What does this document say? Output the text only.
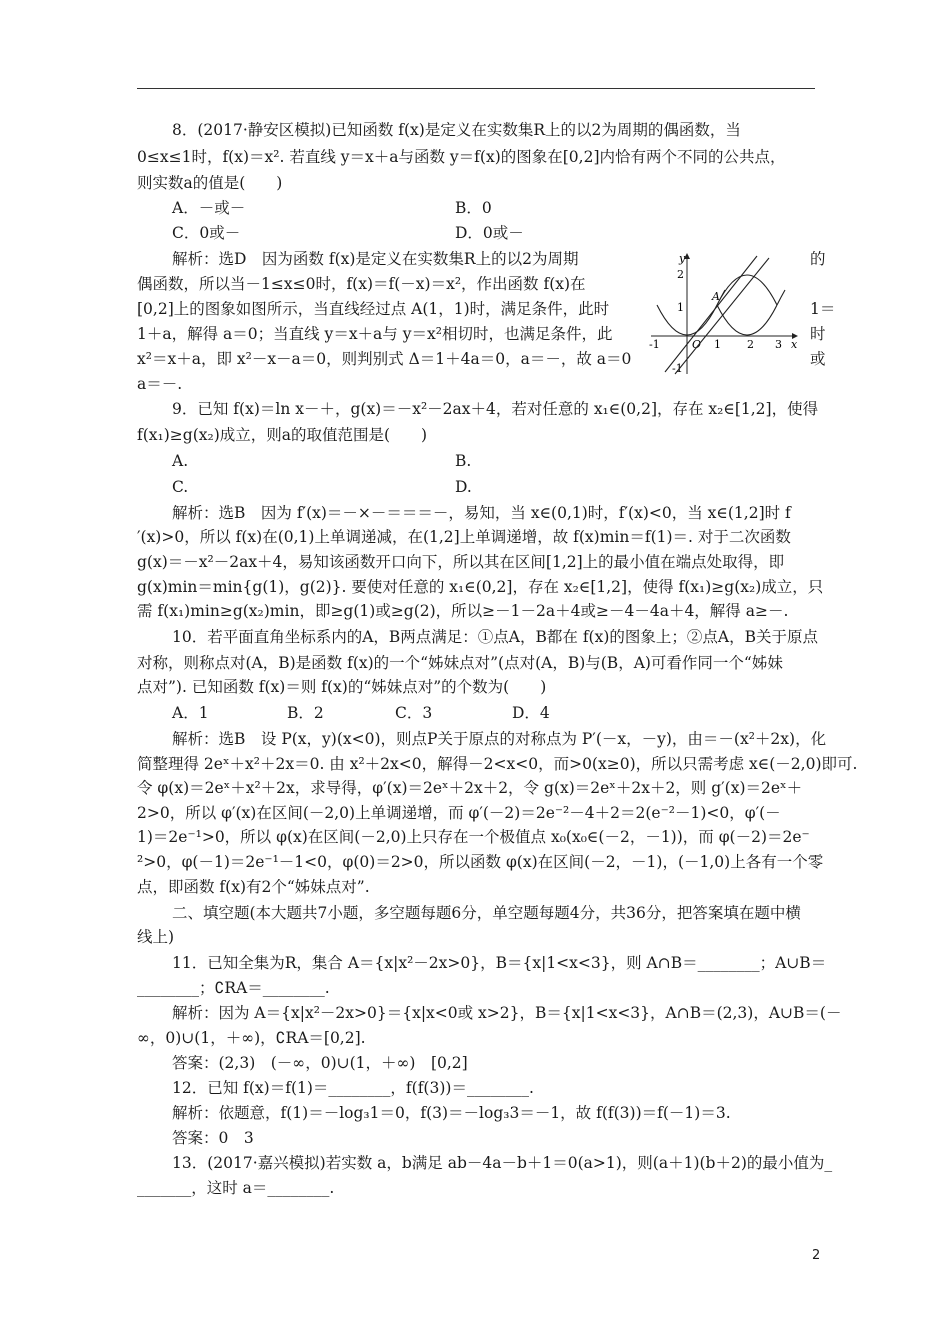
8．(2017·静安区模拟)已知函数 f(x)是定义在实数集R上的以2为周期的偶函数，当
0≤x≤1时，f(x)＝x². 若直线 y＝x＋a与函数 y＝f(x)的图象在[0,2]内恰有两个不同的公共点，
则实数a的值是(　　)
A．－或－	B．0
C．0或－	D．0或－
解析：选D　因为函数 f(x)是定义在实数集R上的以2为周期
偶函数，所以当－1≤x≤0时，f(x)＝f(－x)＝x²，作出函数 f(x)在
[0,2]上的图象如图所示，当直线经过点 A(1，1)时，满足条件，此时
1＋a，解得 a＝0；当直线 y＝x＋a与 y＝x²相切时，也满足条件，此
x²＝x＋a，即 x²－x－a＝0，则判别式 Δ＝1＋4a＝0，a＝－，故 a＝0
a＝－.
的
1＝
时
或
y
x
2
1
-1
-1	O 1 2 3
A
9．已知 f(x)＝ln x－＋，g(x)＝－x²－2ax＋4，若对任意的 x₁∈(0,2]，存在 x₂∈[1,2]，使得
f(x₁)≥g(x₂)成立，则a的取值范围是(　　)
A.	B.
C.	D.
解析：选B　因为 f′(x)＝－×－＝＝＝－，易知，当 x∈(0,1)时，f′(x)<0，当 x∈(1,2]时 f
′(x)>0，所以 f(x)在(0,1)上单调递减，在(1,2]上单调递增，故 f(x)min＝f(1)＝. 对于二次函数
g(x)＝－x²－2ax＋4，易知该函数开口向下，所以其在区间[1,2]上的最小值在端点处取得，即
g(x)min＝min{g(1)，g(2)}. 要使对任意的 x₁∈(0,2]，存在 x₂∈[1,2]，使得 f(x₁)≥g(x₂)成立，只
需 f(x₁)min≥g(x₂)min，即≥g(1)或≥g(2)，所以≥－1－2a＋4或≥－4－4a＋4，解得 a≥－.
10．若平面直角坐标系内的A，B两点满足：①点A，B都在 f(x)的图象上；②点A，B关于原点
对称，则称点对(A，B)是函数 f(x)的一个“姊妹点对”(点对(A，B)与(B，A)可看作同一个“姊妹
点对”). 已知函数 f(x)＝则 f(x)的“姊妹点对”的个数为(　　)
A．1	B．2	C．3	D．4
解析：选B　设 P(x，y)(x<0)，则点P关于原点的对称点为 P′(－x，－y)，由＝－(x²＋2x)，化
简整理得 2eˣ＋x²＋2x＝0. 由 x²＋2x<0，解得－2<x<0，而>0(x≥0)，所以只需考虑 x∈(－2,0)即可.
令 φ(x)＝2eˣ＋x²＋2x，求导得，φ′(x)＝2eˣ＋2x＋2，令 g(x)＝2eˣ＋2x＋2，则 g′(x)＝2eˣ＋
2>0，所以 φ′(x)在区间(－2,0)上单调递增，而 φ′(－2)＝2e⁻²－4＋2＝2(e⁻²－1)<0，φ′(－
1)＝2e⁻¹>0，所以 φ(x)在区间(－2,0)上只存在一个极值点 x₀(x₀∈(－2，－1))，而 φ(－2)＝2e⁻
²>0，φ(－1)＝2e⁻¹－1<0，φ(0)＝2>0，所以函数 φ(x)在区间(－2，－1)，(－1,0)上各有一个零
点，即函数 f(x)有2个“姊妹点对”.
二、填空题(本大题共7小题，多空题每题6分，单空题每题4分，共36分，把答案填在题中横
线上)
11．已知全集为R，集合 A＝{x|x²－2x>0}，B＝{x|1<x<3}，则 A∩B＝________；A∪B＝
________；∁RA＝________.
解析：因为 A＝{x|x²－2x>0}＝{x|x<0或 x>2}，B＝{x|1<x<3}，A∩B＝(2,3)，A∪B＝(－
∞，0)∪(1，＋∞)，∁RA＝[0,2].
答案：(2,3)　(－∞，0)∪(1，＋∞)　[0,2]
12．已知 f(x)＝f(1)＝________，f(f(3))＝________.
解析：依题意，f(1)＝－log₃1＝0，f(3)＝－log₃3＝－1，故 f(f(3))＝f(－1)＝3.
答案：0　3
13．(2017·嘉兴模拟)若实数 a，b满足 ab－4a－b＋1＝0(a>1)，则(a＋1)(b＋2)的最小值为_
_______，这时 a＝________.
2
